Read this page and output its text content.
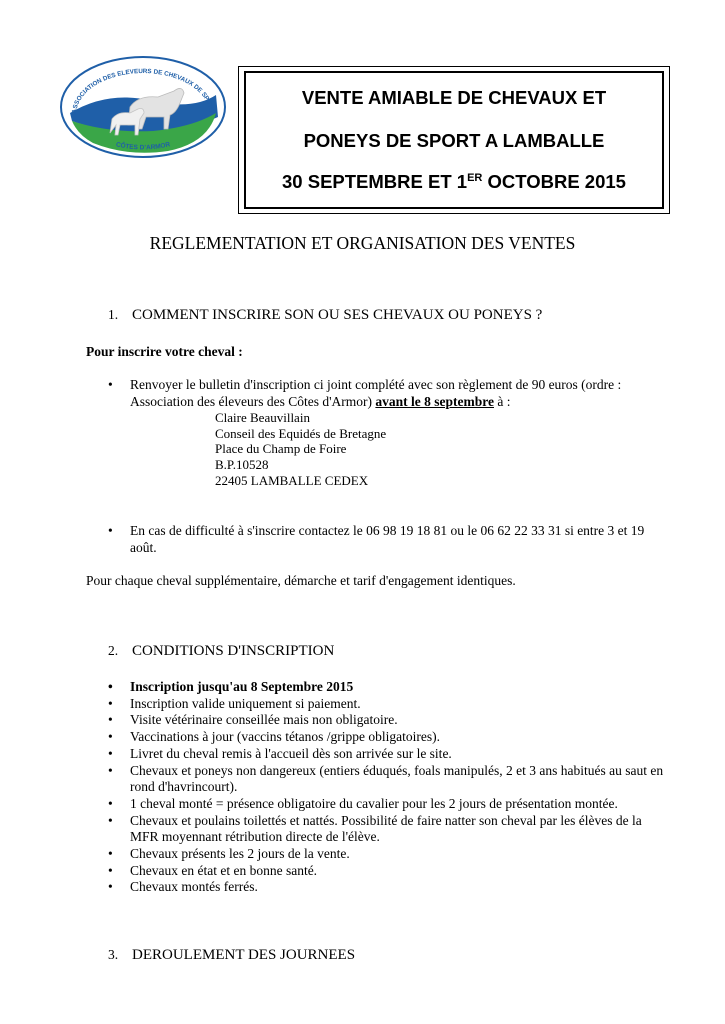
ASSOCIATION DES ELEVEURS DE CHEVAUX DE SPORT
CÔTES D'ARMOR
VENTE AMIABLE DE CHEVAUX ET
PONEYS DE SPORT A LAMBALLE
30 SEPTEMBRE ET 1ER OCTOBRE 2015
REGLEMENTATION ET ORGANISATION DES VENTES
1. COMMENT INSCRIRE SON OU SES CHEVAUX OU PONEYS ?
Pour inscrire votre cheval :
• Renvoyer le bulletin d'inscription ci joint complété avec son règlement de 90 euros (ordre :
Association des éleveurs des Côtes d'Armor) avant le 8 septembre à :
Claire Beauvillain
Conseil des Equidés de Bretagne
Place du Champ de Foire
B.P.10528
22405 LAMBALLE CEDEX
• En cas de difficulté à s'inscrire contactez le 06 98 19 18 81 ou le 06 62 22 33 31 si entre 3 et 19 août.
Pour chaque cheval supplémentaire, démarche et tarif d'engagement identiques.
2. CONDITIONS D'INSCRIPTION
• Inscription jusqu'au 8 Septembre 2015
• Inscription valide uniquement si paiement.
• Visite vétérinaire conseillée mais non obligatoire.
• Vaccinations à jour (vaccins tétanos /grippe obligatoires).
• Livret du cheval remis à l'accueil dès son arrivée sur le site.
• Chevaux et poneys non dangereux (entiers éduqués, foals manipulés, 2 et 3 ans habitués au saut en rond d'havrincourt).
• 1 cheval monté = présence obligatoire du cavalier pour les 2 jours de présentation montée.
• Chevaux et poulains toilettés et nattés. Possibilité de faire natter son cheval par les élèves de la MFR moyennant rétribution directe de l'élève.
• Chevaux présents les 2 jours de la vente.
• Chevaux en état et en bonne santé.
• Chevaux montés ferrés.
3. DEROULEMENT DES JOURNEES
